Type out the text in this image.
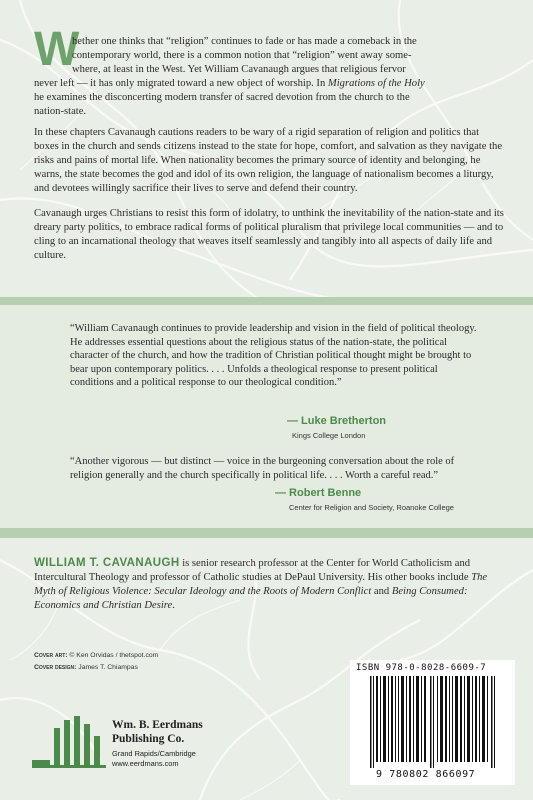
W
hether one thinks that “religion” continues to fade or has made a comeback in the
contemporary world, there is a common notion that “religion” went away some-
where, at least in the West. Yet William Cavanaugh argues that religious fervor
never left — it has only migrated toward a new object of worship. In Migrations of the Holy
he examines the disconcerting modern transfer of sacred devotion from the church to the
nation-state.

In these chapters Cavanaugh cautions readers to be wary of a rigid separation of religion and politics that boxes in the church and sends citizens instead to the state for hope, comfort, and salvation as they navigate the risks and pains of mortal life. When nationality becomes the primary source of identity and belonging, he warns, the state becomes the god and idol of its own religion, the language of nationalism becomes a liturgy, and devotees willingly sacrifice their lives to serve and defend their country.

Cavanaugh urges Christians to resist this form of idolatry, to unthink the inevitability of the nation-state and its dreary party politics, to embrace radical forms of political pluralism that privilege local communities — and to cling to an incarnational theology that weaves itself seamlessly and tangibly into all aspects of daily life and culture.

“William Cavanaugh continues to provide leadership and vision in the field of political theology. He addresses essential questions about the religious status of the nation-state, the political character of the church, and how the tradition of Christian political thought might be brought to bear upon contemporary politics. . . . Unfolds a theological response to present political conditions and a political response to our theological condition.”

— Luke Bretherton
Kings College London

“Another vigorous — but distinct — voice in the burgeoning conversation about the role of religion generally and the church specifically in political life. . . . Worth a careful read.”

— Robert Benne
Center for Religion and Society, Roanoke College

WILLIAM T. CAVANAUGH is senior research professor at the Center for World Catholicism and Intercultural Theology and professor of Catholic studies at DePaul University. His other books include The Myth of Religious Violence: Secular Ideology and the Roots of Modern Conflict and Being Consumed: Economics and Christian Desire.

Cover art: © Ken Orvidas / thetspot.com
Cover design: James T. Chiampas
Wm. B. Eerdmans
Publishing Co.
Grand Rapids/Cambridge
www.eerdmans.com
ISBN 978-0-8028-6609-7
9 780802 866097
